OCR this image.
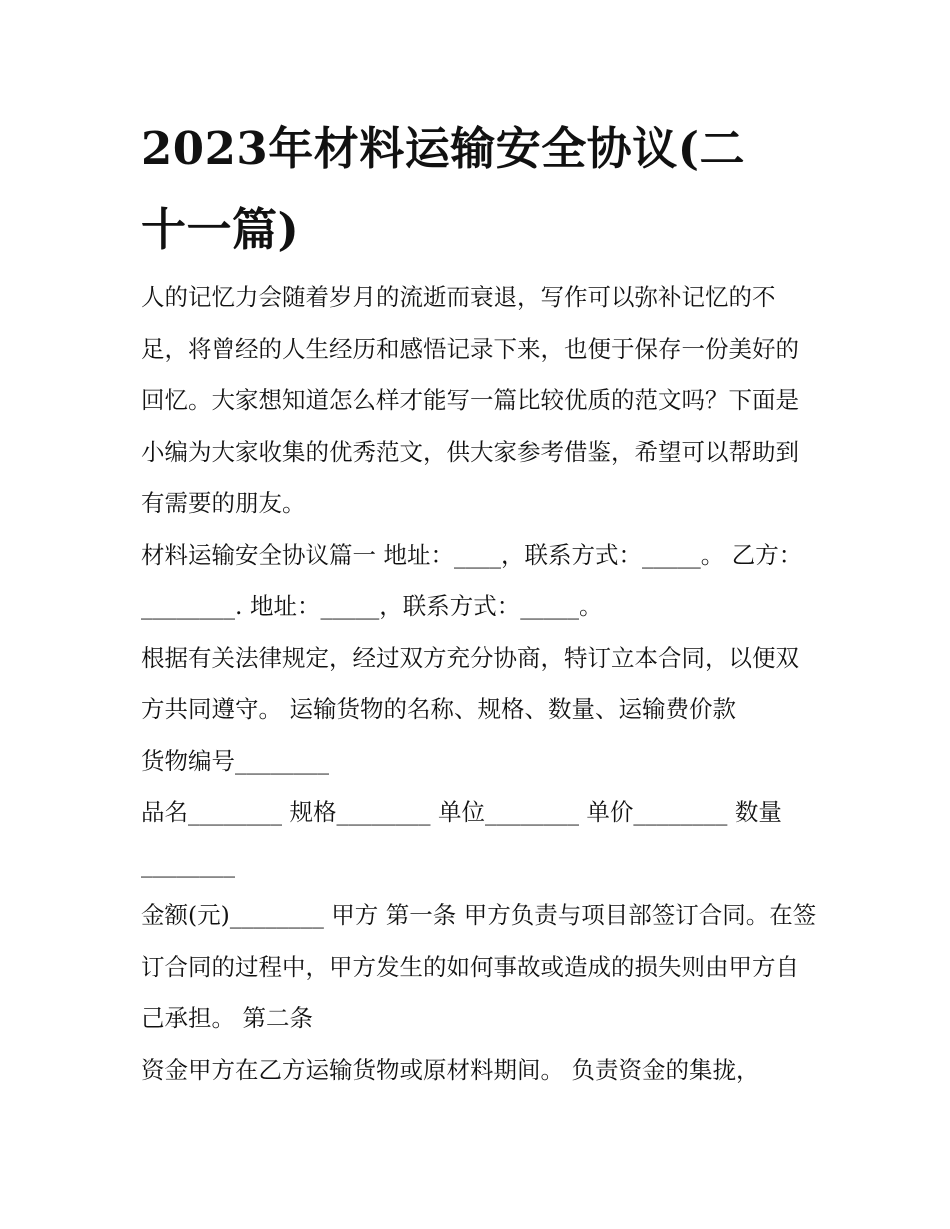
2023年材料运输安全协议(二
十一篇)

人的记忆力会随着岁月的流逝而衰退，写作可以弥补记忆的不足，将曾经的人生经历和感悟记录下来，也便于保存一份美好的回忆。大家想知道怎么样才能写一篇比较优质的范文吗？下面是小编为大家收集的优秀范文，供大家参考借鉴，希望可以帮助到有需要的朋友。

材料运输安全协议篇一 地址：____，联系方式：_____。 乙方：________. 地址：_____，联系方式：_____。

根据有关法律规定，经过双方充分协商，特订立本合同，以便双方共同遵守。 运输货物的名称、规格、数量、运输费价款

货物编号________

品名________ 规格________ 单位________ 单价________ 数量________

金额(元)________ 甲方 第一条 甲方负责与项目部签订合同。在签订合同的过程中，甲方发生的如何事故或造成的损失则由甲方自己承担。 第二条

资金甲方在乙方运输货物或原材料期间。 负责资金的集拢，
